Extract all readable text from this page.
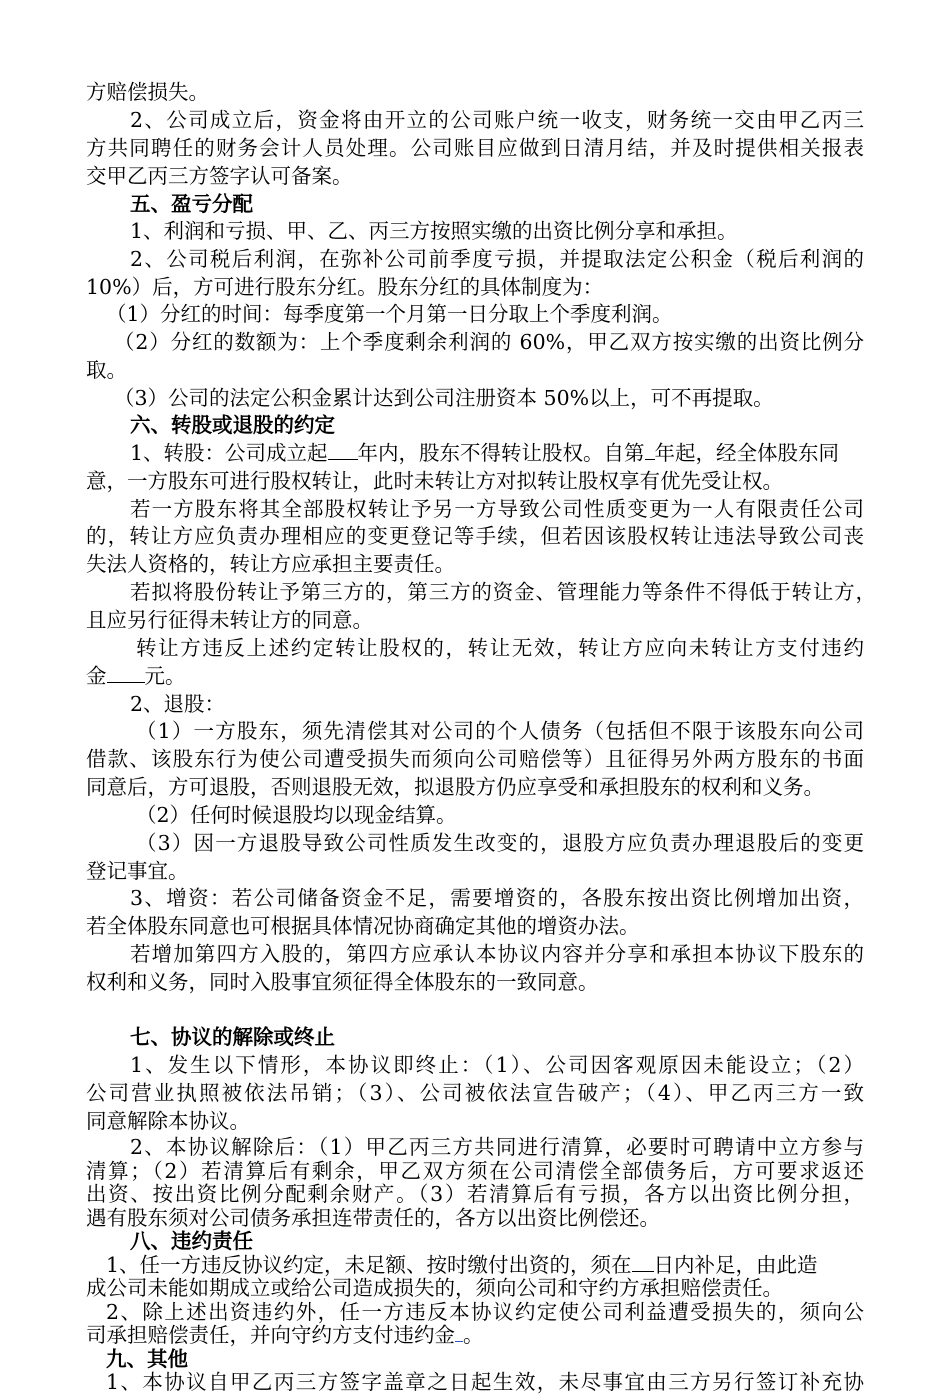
方赔偿损失。
2、公司成立后，资金将由开立的公司账户统一收支，财务统一交由甲乙丙三
方共同聘任的财务会计人员处理。公司账目应做到日清月结，并及时提供相关报表
交甲乙丙三方签字认可备案。
五、盈亏分配
1、利润和亏损、甲、乙、丙三方按照实缴的出资比例分享和承担。
2、公司税后利润，在弥补公司前季度亏损，并提取法定公积金（税后利润的
10%）后，方可进行股东分红。股东分红的具体制度为：
（1）分红的时间：每季度第一个月第一日分取上个季度利润。
（2）分红的数额为：上个季度剩余利润的 60%，甲乙双方按实缴的出资比例分
取。
（3）公司的法定公积金累计达到公司注册资本 50%以上，可不再提取。
六、转股或退股的约定
1、转股：公司成立起 年内，股东不得转让股权。自第 年起，经全体股东同
意，一方股东可进行股权转让，此时未转让方对拟转让股权享有优先受让权。
若一方股东将其全部股权转让予另一方导致公司性质变更为一人有限责任公司
的，转让方应负责办理相应的变更登记等手续，但若因该股权转让违法导致公司丧
失法人资格的，转让方应承担主要责任。
若拟将股份转让予第三方的，第三方的资金、管理能力等条件不得低于转让方，
且应另行征得未转让方的同意。
转让方违反上述约定转让股权的，转让无效，转让方应向未转让方支付违约
金 元。
2、退股：
（1）一方股东，须先清偿其对公司的个人债务（包括但不限于该股东向公司
借款、该股东行为使公司遭受损失而须向公司赔偿等）且征得另外两方股东的书面
同意后，方可退股，否则退股无效，拟退股方仍应享受和承担股东的权利和义务。
（2）任何时候退股均以现金结算。
（3）因一方退股导致公司性质发生改变的，退股方应负责办理退股后的变更
登记事宜。
3、增资：若公司储备资金不足，需要增资的，各股东按出资比例增加出资，
若全体股东同意也可根据具体情况协商确定其他的增资办法。
若增加第四方入股的，第四方应承认本协议内容并分享和承担本协议下股东的
权利和义务，同时入股事宜须征得全体股东的一致同意。
七、协议的解除或终止
1、发生以下情形，本协议即终止：（1）、公司因客观原因未能设立；（2）
公司营业执照被依法吊销；（3）、公司被依法宣告破产；（4）、甲乙丙三方一致
同意解除本协议。
2、本协议解除后：（1）甲乙丙三方共同进行清算，必要时可聘请中立方参与
清算；（2）若清算后有剩余，甲乙双方须在公司清偿全部债务后，方可要求返还
出资、按出资比例分配剩余财产。（3）若清算后有亏损，各方以出资比例分担，
遇有股东须对公司债务承担连带责任的，各方以出资比例偿还。
八、违约责任
1、任一方违反协议约定，未足额、按时缴付出资的，须在 日内补足，由此造
成公司未能如期成立或给公司造成损失的，须向公司和守约方承担赔偿责任。
2、除上述出资违约外，任一方违反本协议约定使公司利益遭受损失的，须向公
司承担赔偿责任，并向守约方支付违约金 。
九、其他
1、本协议自甲乙丙三方签字盖章之日起生效，未尽事宜由三方另行签订补充协
